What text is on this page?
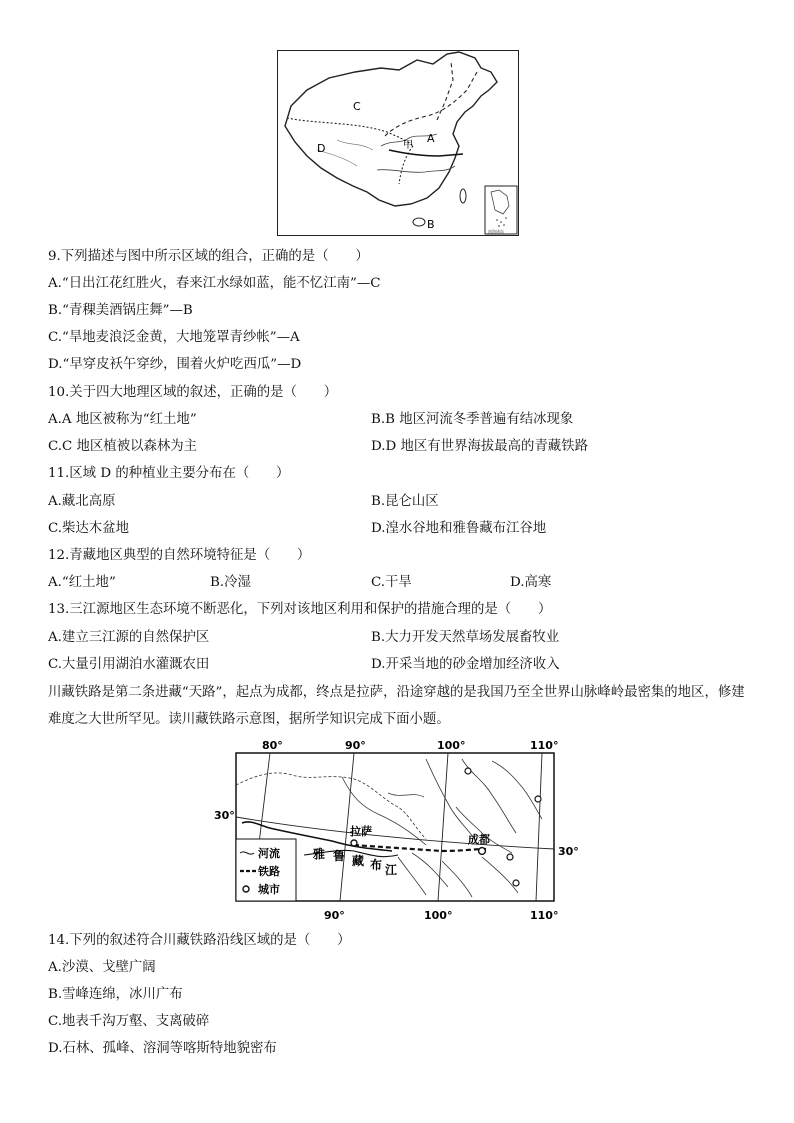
南海诸岛
C
A
D	甲
B
9.下列描述与图中所示区域的组合，正确的是（　　）
A.“日出江花红胜火，春来江水绿如蓝，能不忆江南”—C
B.“青稞美酒锅庄舞”—B
C.“旱地麦浪泛金黄，大地笼罩青纱帐”—A
D.“早穿皮袄午穿纱，围着火炉吃西瓜”—D
10.关于四大地理区域的叙述，正确的是（　　）
A.A 地区被称为“红土地”	B.B 地区河流冬季普遍有结冰现象
C.C 地区植被以森林为主	D.D 地区有世界海拔最高的青藏铁路
11.区域 D 的种植业主要分布在（　　）
A.藏北高原	B.昆仑山区
C.柴达木盆地	D.湟水谷地和雅鲁藏布江谷地
12.青藏地区典型的自然环境特征是（　　）
A.“红土地”	B.冷湿	C.干旱	D.高寒
13.三江源地区生态环境不断恶化，下列对该地区利用和保护的措施合理的是（　　）
A.建立三江源的自然保护区	B.大力开发天然草场发展畜牧业
C.大量引用湖泊水灌溉农田	D.开采当地的砂金增加经济收入
川藏铁路是第二条进藏“天路”，起点为成都，终点是拉萨，沿途穿越的是我国乃至全世界山脉峰岭最密集的地区，修建难度之大世所罕见。读川藏铁路示意图，据所学知识完成下面小题。
80°	90°	100°	110°
拉萨
成都
雅 鲁 藏 布 江
30°
30°
河流
铁路
城市
90°	100°	110°
14.下列的叙述符合川藏铁路沿线区域的是（　　）
A.沙漠、戈壁广阔
B.雪峰连绵，冰川广布
C.地表千沟万壑、支离破碎
D.石林、孤峰、溶洞等喀斯特地貌密布
